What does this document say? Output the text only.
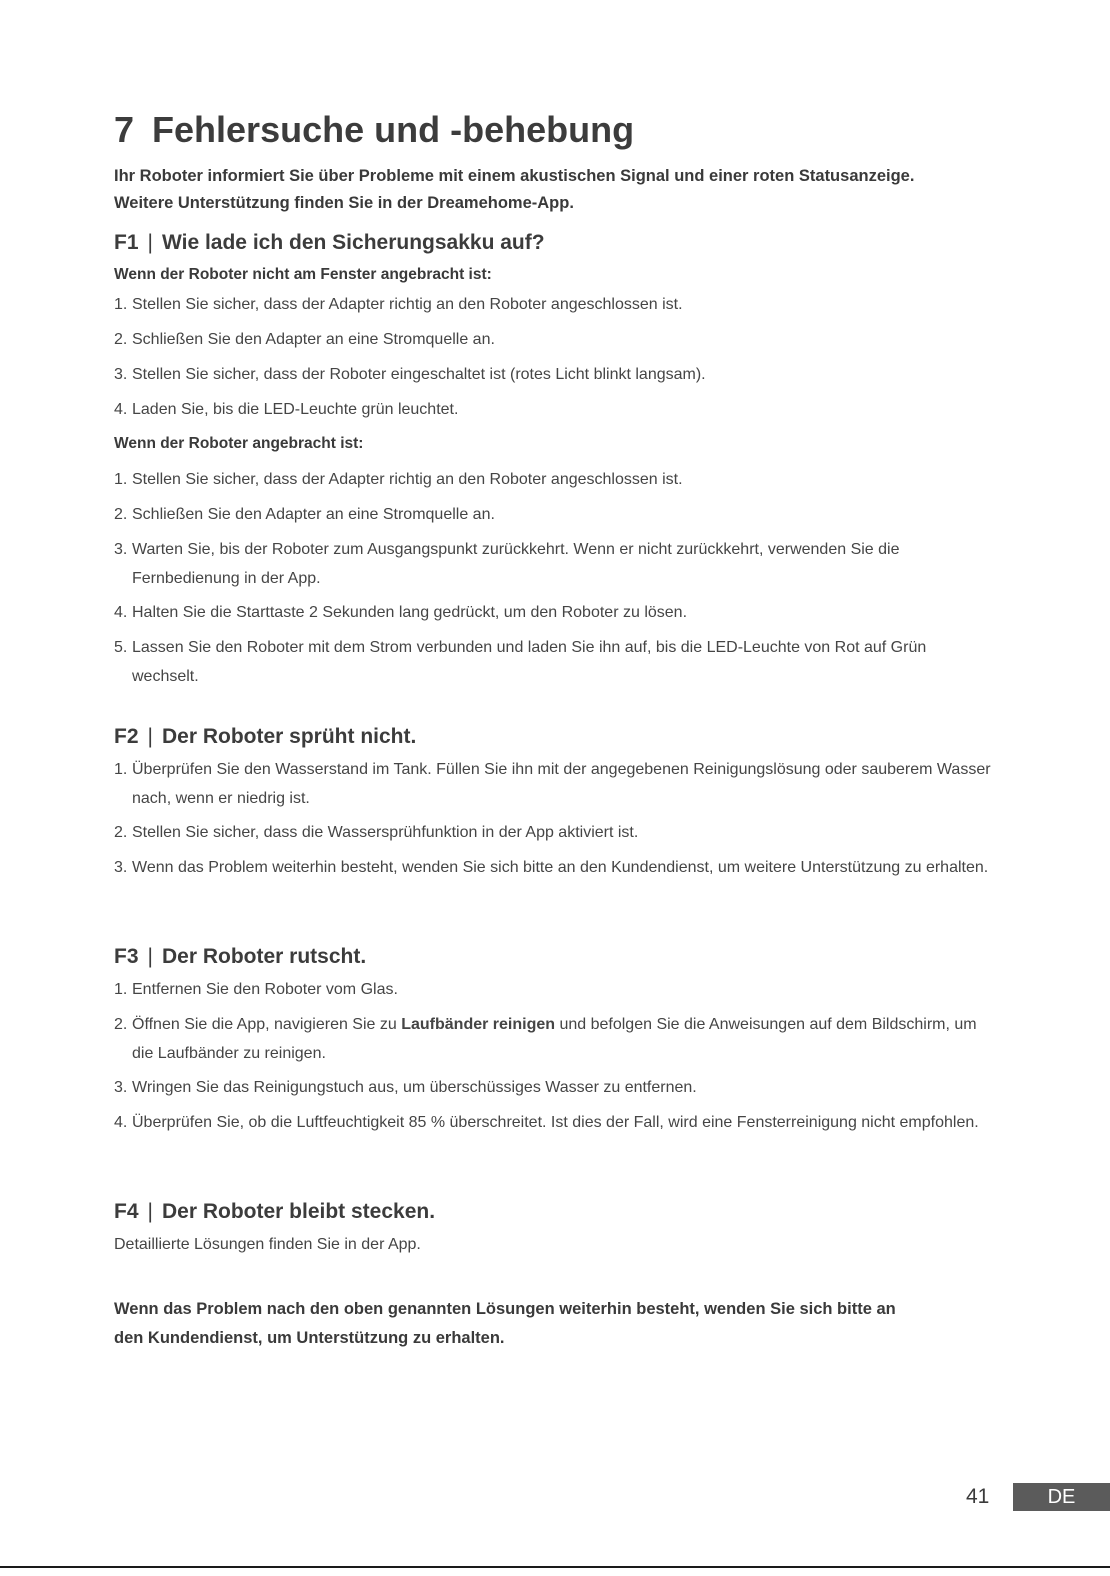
7 Fehlersuche und -behebung

Ihr Roboter informiert Sie über Probleme mit einem akustischen Signal und einer roten Statusanzeige.

Weitere Unterstützung finden Sie in der Dreamehome-App.

F1 | Wie lade ich den Sicherungsakku auf?
Wenn der Roboter nicht am Fenster angebracht ist:
1. Stellen Sie sicher, dass der Adapter richtig an den Roboter angeschlossen ist.
2. Schließen Sie den Adapter an eine Stromquelle an.
3. Stellen Sie sicher, dass der Roboter eingeschaltet ist (rotes Licht blinkt langsam).
4. Laden Sie, bis die LED-Leuchte grün leuchtet.
Wenn der Roboter angebracht ist:
1. Stellen Sie sicher, dass der Adapter richtig an den Roboter angeschlossen ist.
2. Schließen Sie den Adapter an eine Stromquelle an.
3. Warten Sie, bis der Roboter zum Ausgangspunkt zurückkehrt. Wenn er nicht zurückkehrt, verwenden Sie die Fernbedienung in der App.
4. Halten Sie die Starttaste 2 Sekunden lang gedrückt, um den Roboter zu lösen.
5. Lassen Sie den Roboter mit dem Strom verbunden und laden Sie ihn auf, bis die LED-Leuchte von Rot auf Grün wechselt.
F2 | Der Roboter sprüht nicht.
1. Überprüfen Sie den Wasserstand im Tank. Füllen Sie ihn mit der angegebenen Reinigungslösung oder sauberem Wasser nach, wenn er niedrig ist.
2. Stellen Sie sicher, dass die Wassersprühfunktion in der App aktiviert ist.
3. Wenn das Problem weiterhin besteht, wenden Sie sich bitte an den Kundendienst, um weitere Unterstützung zu erhalten.
F3 | Der Roboter rutscht.
1. Entfernen Sie den Roboter vom Glas.
2. Öffnen Sie die App, navigieren Sie zu Laufbänder reinigen und befolgen Sie die Anweisungen auf dem Bildschirm, um die Laufbänder zu reinigen.
3. Wringen Sie das Reinigungstuch aus, um überschüssiges Wasser zu entfernen.
4. Überprüfen Sie, ob die Luftfeuchtigkeit 85 % überschreitet. Ist dies der Fall, wird eine Fensterreinigung nicht empfohlen.
F4 | Der Roboter bleibt stecken.
Detaillierte Lösungen finden Sie in der App.

Wenn das Problem nach den oben genannten Lösungen weiterhin besteht, wenden Sie sich bitte an

den Kundendienst, um Unterstützung zu erhalten.

41	DE
